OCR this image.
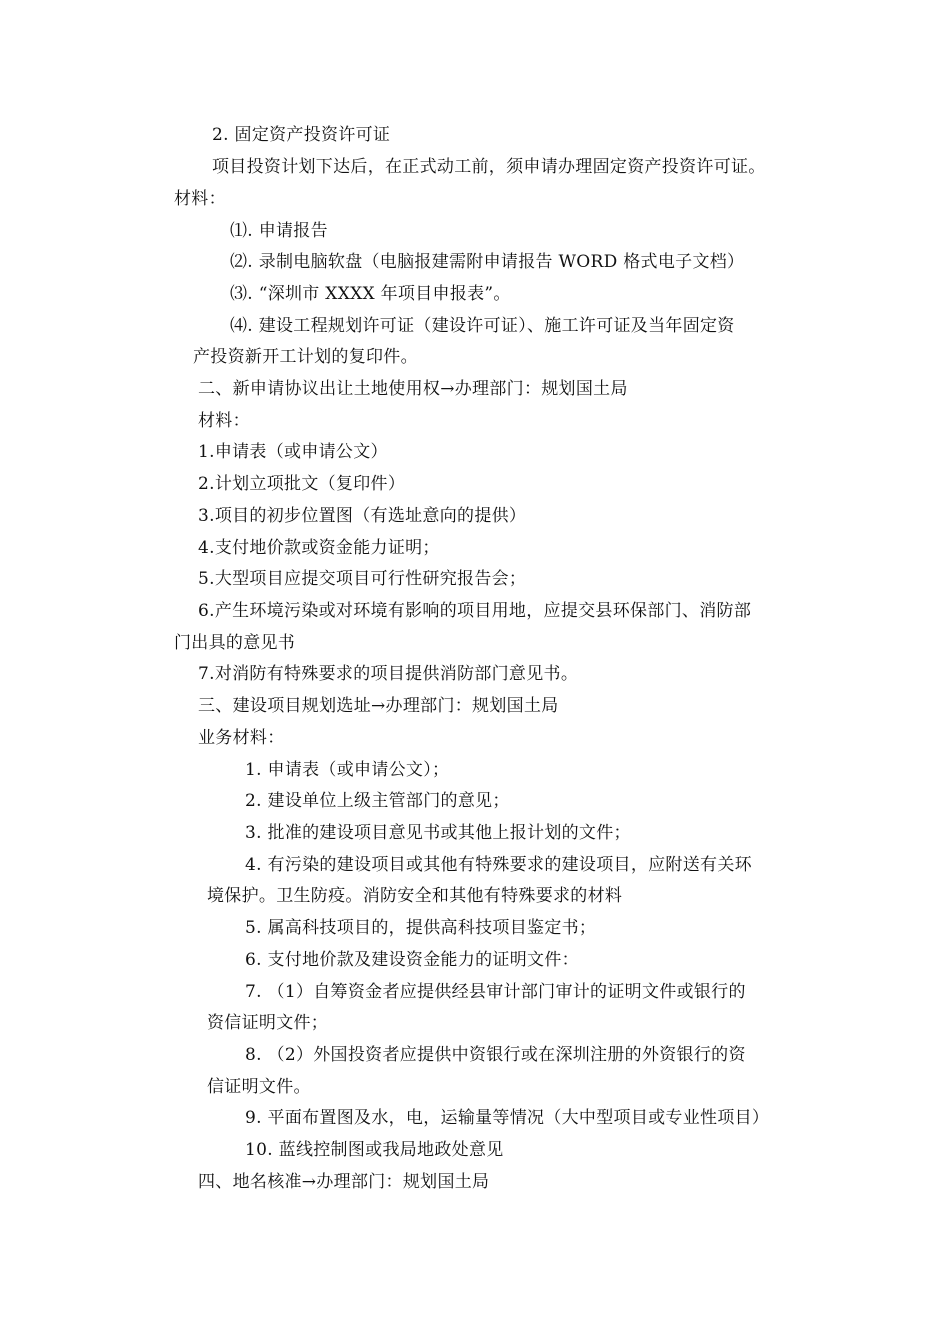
2. 固定资产投资许可证
项目投资计划下达后，在正式动工前，须申请办理固定资产投资许可证。
材料：
⑴. 申请报告
⑵. 录制电脑软盘（电脑报建需附申请报告 WORD 格式电子文档）
⑶. “深圳市 XXXX 年项目申报表”。
⑷. 建设工程规划许可证（建设许可证）、施工许可证及当年固定资
产投资新开工计划的复印件。
二、新申请协议出让土地使用权→办理部门：规划国土局
材料：
1.申请表（或申请公文）
2.计划立项批文（复印件）
3.项目的初步位置图（有选址意向的提供）
4.支付地价款或资金能力证明；
5.大型项目应提交项目可行性研究报告会；
6.产生环境污染或对环境有影响的项目用地，应提交县环保部门、消防部
门出具的意见书
7.对消防有特殊要求的项目提供消防部门意见书。
三、建设项目规划选址→办理部门：规划国土局
业务材料：
1. 申请表（或申请公文）；
2. 建设单位上级主管部门的意见；
3. 批准的建设项目意见书或其他上报计划的文件；
4. 有污染的建设项目或其他有特殊要求的建设项目，应附送有关环
境保护。卫生防疫。消防安全和其他有特殊要求的材料
5. 属高科技项目的，提供高科技项目鉴定书；
6. 支付地价款及建设资金能力的证明文件：
7. （1）自筹资金者应提供经县审计部门审计的证明文件或银行的
资信证明文件；
8. （2）外国投资者应提供中资银行或在深圳注册的外资银行的资
信证明文件。
9. 平面布置图及水，电，运输量等情况（大中型项目或专业性项目）
10. 蓝线控制图或我局地政处意见
四、地名核准→办理部门：规划国土局
